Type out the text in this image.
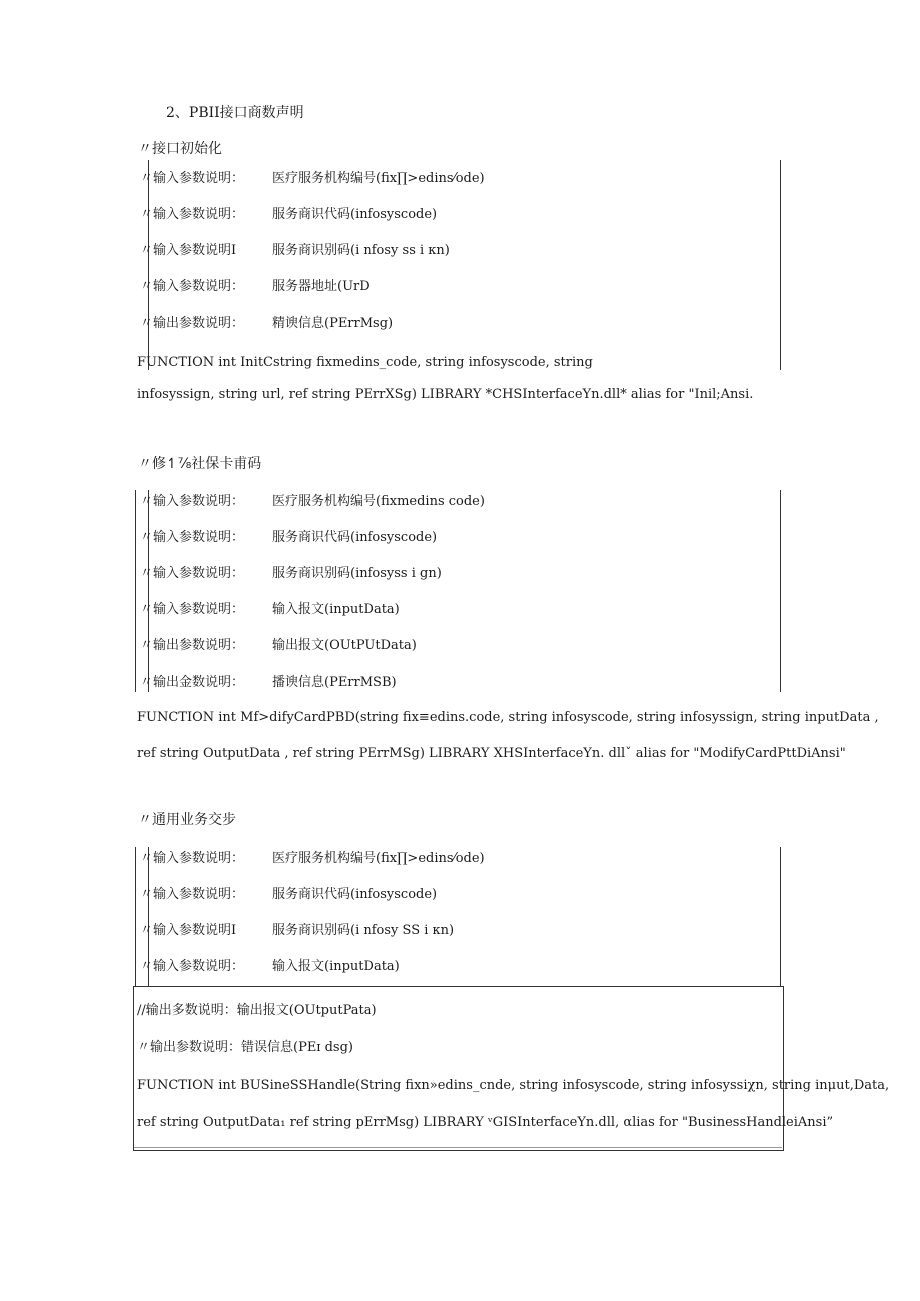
2、PBII接口商数声明
〃接口初始化
〃输入参数说明： 医疗服务机构编号(fix∏>edins⁄ode)
〃输入参数说明： 服务商识代码(infosyscode)
〃输入参数说明I	服务商识别码(i nfosy ss i κn)
〃输入参数说明： 服务器地址(UrD
〃输出参数说明： 精谀信息(PErrMsg)
FUNCTION int InitCstring fixmedins_code, string infosyscode, string
infosyssign, string url, ref string PErrXSg) LIBRARY *CHSInterfaceYn.dll* alias for "Inil;Ansi.
〃修↿⅞社保卡甫码
〃输入参数说明： 医疗服务机构编号(fixmedins code)
〃输入参数说明： 服务商识代码(infosyscode)
〃输入参数说明： 服务商识别码(infosyss i gn)
〃输入参数说明： 输入报文(inputData)
〃输出参数说明： 输出报文(OUtPUtData)
〃输出金数说明： 播谀信息(PErrMSB)
FUNCTION int Mf>difyCardPBD(string fix≡edins.code, string infosyscode, string infosyssign, string inputData ,
ref string OutputData , ref string PErrMSg) LIBRARY XHSInterfaceYn. dllˇ alias for "ModifyCardPttDiAnsi"
〃通用业务交步
〃输入参数说明： 医疗服务机构编号(fix∏>edins⁄ode)
〃输入参数说明： 服务商识代码(infosyscode)
〃输入参数说明I	服务商识别码(i nfosy SS i κn)
〃输入参数说明： 输入报文(inputData)
//输出多数说明：输出报文(OUtputPata)
〃输出参数说明：错误信息(PEɪ dsg)
FUNCTION int BUSineSSHandle(String fixn»edins_cnde, string infosyscode, string infosyssiχn, string inμut,Data,
ref string OutputData₁ ref string pErrMsg) LIBRARY ᵛGISInterfaceYn.dll, αlias for "BusinessHandleiAnsi”
